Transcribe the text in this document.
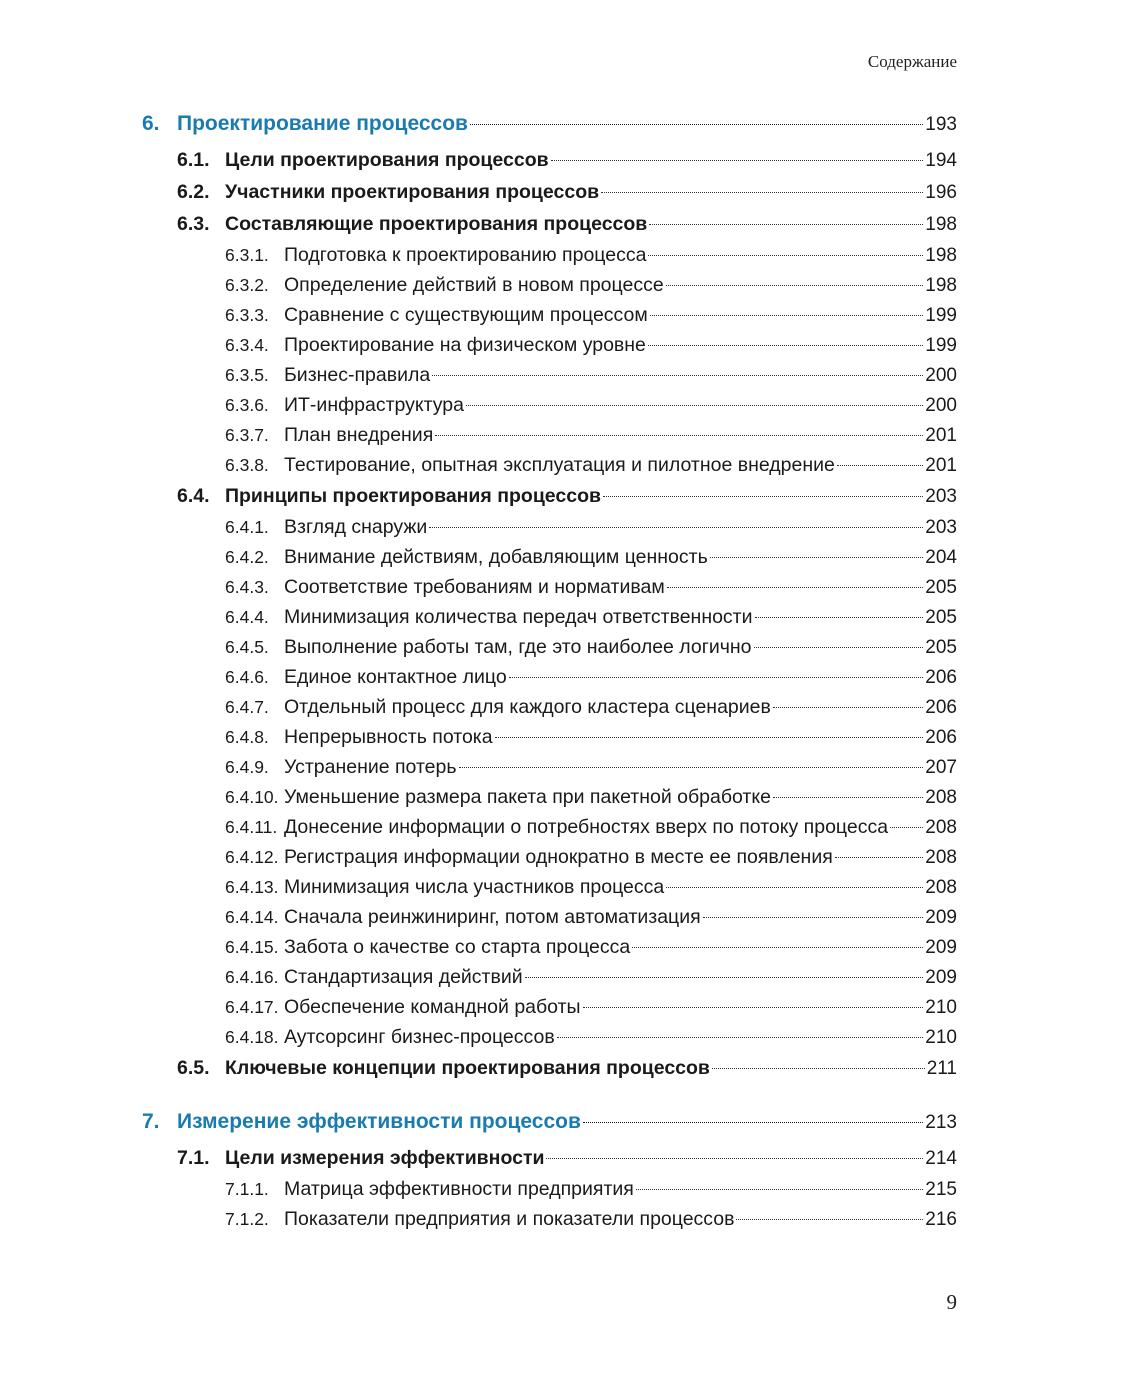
Содержание
6. Проектирование процессов	193
6.1. Цели проектирования процессов	194
6.2. Участники проектирования процессов	196
6.3. Составляющие проектирования процессов	198
6.3.1. Подготовка к проектированию процесса	198
6.3.2. Определение действий в новом процессе	198
6.3.3. Сравнение с существующим процессом	199
6.3.4. Проектирование на физическом уровне	199
6.3.5. Бизнес-правила	200
6.3.6. ИТ-инфраструктура	200
6.3.7. План внедрения	201
6.3.8. Тестирование, опытная эксплуатация и пилотное внедрение	201
6.4. Принципы проектирования процессов	203
6.4.1. Взгляд снаружи	203
6.4.2. Внимание действиям, добавляющим ценность	204
6.4.3. Соответствие требованиям и нормативам	205
6.4.4. Минимизация количества передач ответственности	205
6.4.5. Выполнение работы там, где это наиболее логично	205
6.4.6. Единое контактное лицо	206
6.4.7. Отдельный процесс для каждого кластера сценариев	206
6.4.8. Непрерывность потока	206
6.4.9. Устранение потерь	207
6.4.10. Уменьшение размера пакета при пакетной обработке	208
6.4.11. Донесение информации о потребностях вверх по потоку процесса 208
6.4.12. Регистрация информации однократно в месте ее появления	208
6.4.13. Минимизация числа участников процесса	208
6.4.14. Сначала реинжиниринг, потом автоматизация	209
6.4.15. Забота о качестве со старта процесса	209
6.4.16. Стандартизация действий	209
6.4.17. Обеспечение командной работы	210
6.4.18. Аутсорсинг бизнес-процессов	210
6.5. Ключевые концепции проектирования процессов	211
7. Измерение эффективности процессов	213
7.1. Цели измерения эффективности	214
7.1.1. Матрица эффективности предприятия	215
7.1.2. Показатели предприятия и показатели процессов	216
9
